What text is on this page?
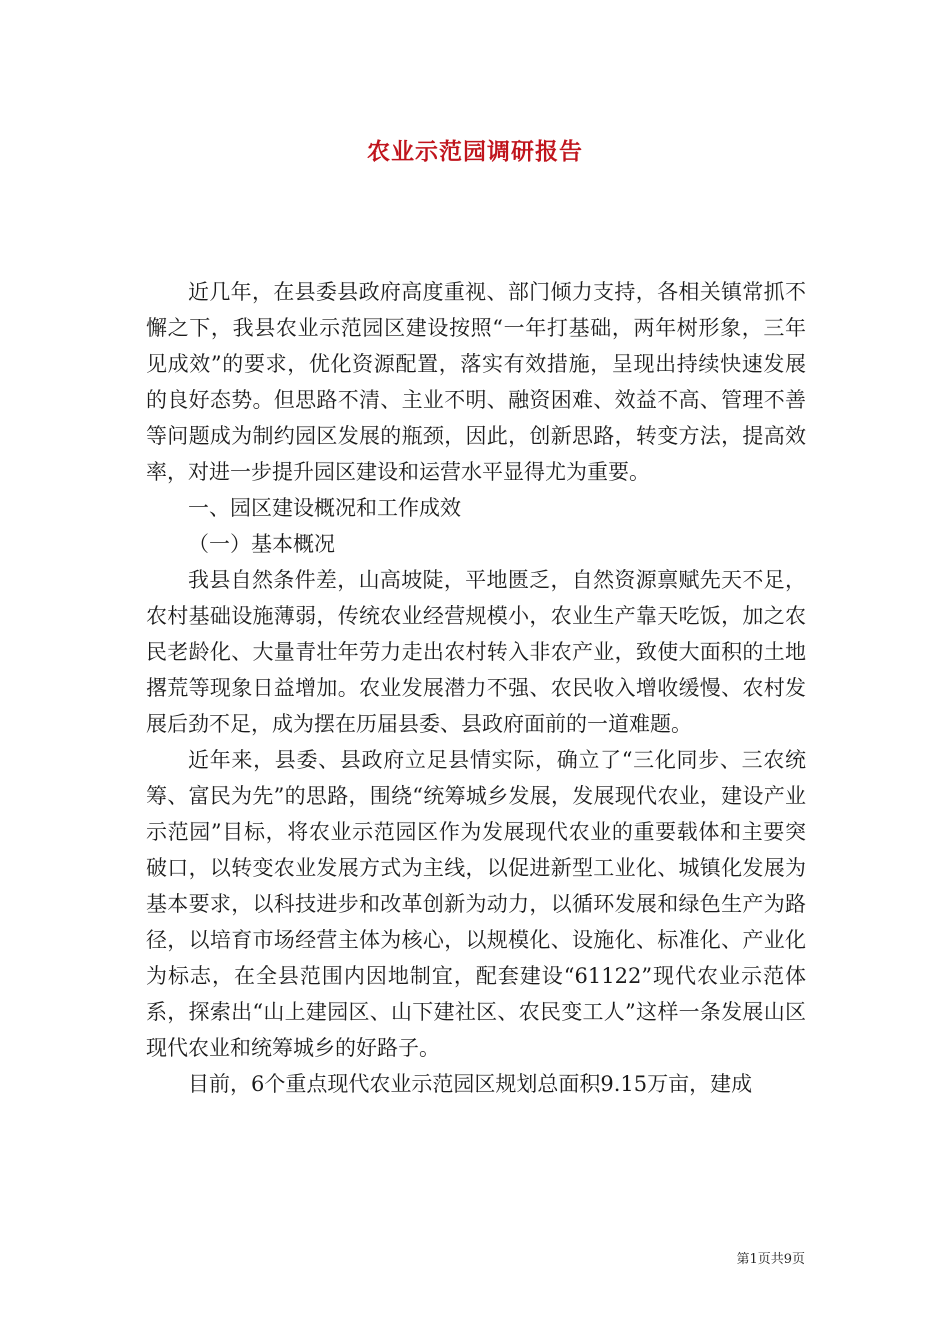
农业示范园调研报告

近几年，在县委县政府高度重视、部门倾力支持，各相关镇常抓不懈之下，我县农业示范园区建设按照“一年打基础，两年树形象，三年见成效”的要求，优化资源配置，落实有效措施，呈现出持续快速发展的良好态势。但思路不清、主业不明、融资困难、效益不高、管理不善等问题成为制约园区发展的瓶颈，因此，创新思路，转变方法，提高效率，对进一步提升园区建设和运营水平显得尤为重要。

一、园区建设概况和工作成效

（一）基本概况

我县自然条件差，山高坡陡，平地匮乏，自然资源禀赋先天不足，农村基础设施薄弱，传统农业经营规模小，农业生产靠天吃饭，加之农民老龄化、大量青壮年劳力走出农村转入非农产业，致使大面积的土地撂荒等现象日益增加。农业发展潜力不强、农民收入增收缓慢、农村发展后劲不足，成为摆在历届县委、县政府面前的一道难题。

近年来，县委、县政府立足县情实际，确立了“三化同步、三农统筹、富民为先”的思路，围绕“统筹城乡发展，发展现代农业，建设产业示范园”目标，将农业示范园区作为发展现代农业的重要载体和主要突破口，以转变农业发展方式为主线，以促进新型工业化、城镇化发展为基本要求，以科技进步和改革创新为动力，以循环发展和绿色生产为路径，以培育市场经营主体为核心，以规模化、设施化、标准化、产业化为标志，在全县范围内因地制宜，配套建设“61122”现代农业示范体系，探索出“山上建园区、山下建社区、农民变工人”这样一条发展山区现代农业和统筹城乡的好路子。

目前，6个重点现代农业示范园区规划总面积9.15万亩，建成

第1页共9页
